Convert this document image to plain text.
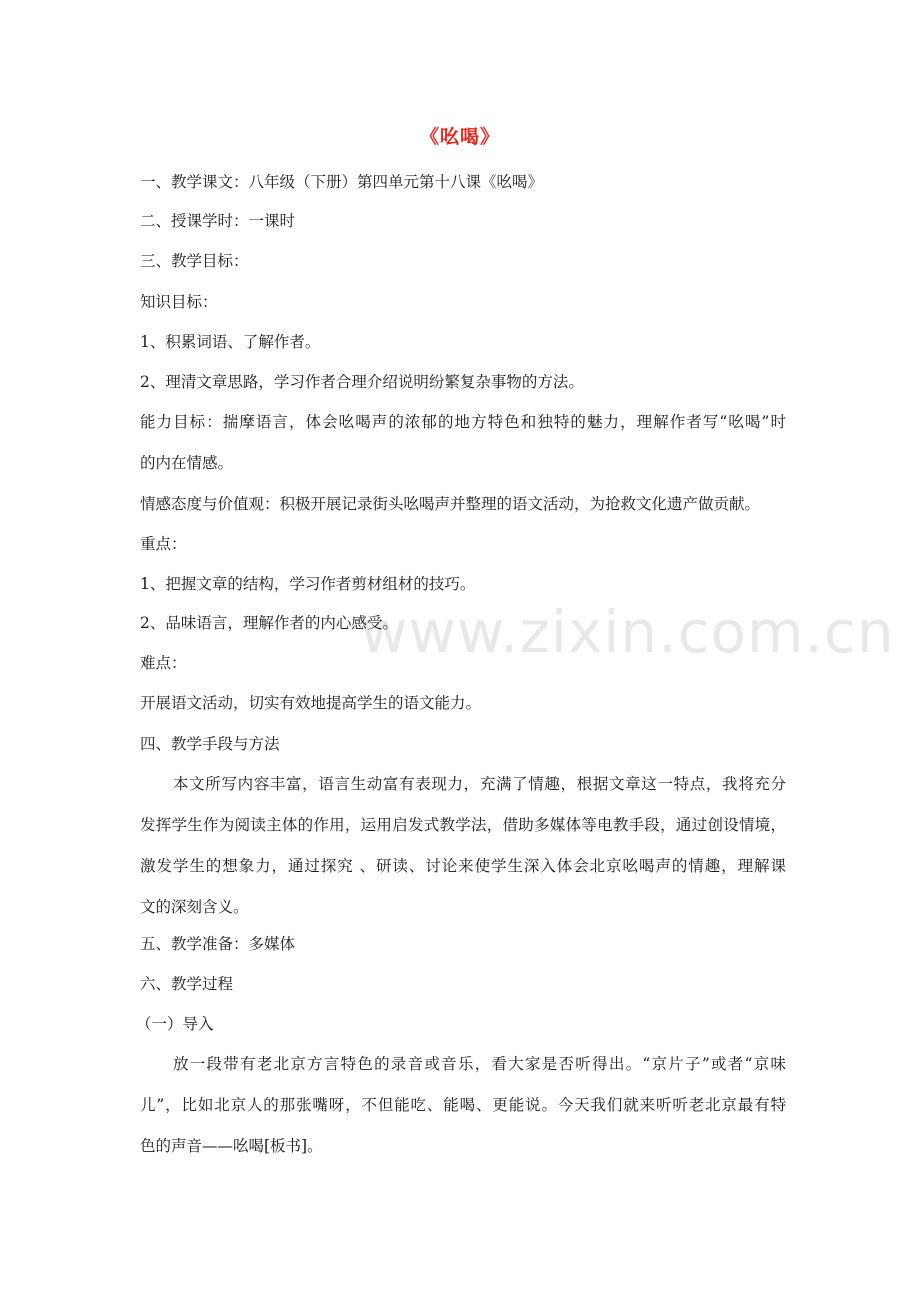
www.zixin.com.cn
《吆喝》
一、教学课文：八年级（下册）第四单元第十八课《吆喝》
二、授课学时：一课时
三、教学目标：
知识目标：
1、积累词语、了解作者。
2、理清文章思路，学习作者合理介绍说明纷繁复杂事物的方法。
能力目标：揣摩语言，体会吆喝声的浓郁的地方特色和独特的魅力，理解作者写“吆喝”时
的内在情感。
情感态度与价值观：积极开展记录街头吆喝声并整理的语文活动，为抢救文化遗产做贡献。
重点：
1、把握文章的结构，学习作者剪材组材的技巧。
2、品味语言，理解作者的内心感受。
难点：
开展语文活动，切实有效地提高学生的语文能力。
四、教学手段与方法
本文所写内容丰富，语言生动富有表现力，充满了情趣，根据文章这一特点，我将充分
发挥学生作为阅读主体的作用，运用启发式教学法，借助多媒体等电教手段，通过创设情境，
激发学生的想象力，通过探究 、研读、讨论来使学生深入体会北京吆喝声的情趣，理解课
文的深刻含义。
五、教学准备：多媒体
六、教学过程
（一）导入
放一段带有老北京方言特色的录音或音乐，看大家是否听得出。“京片子”或者“京味
儿”，比如北京人的那张嘴呀，不但能吃、能喝、更能说。今天我们就来听听老北京最有特
色的声音——吆喝[板书]。
